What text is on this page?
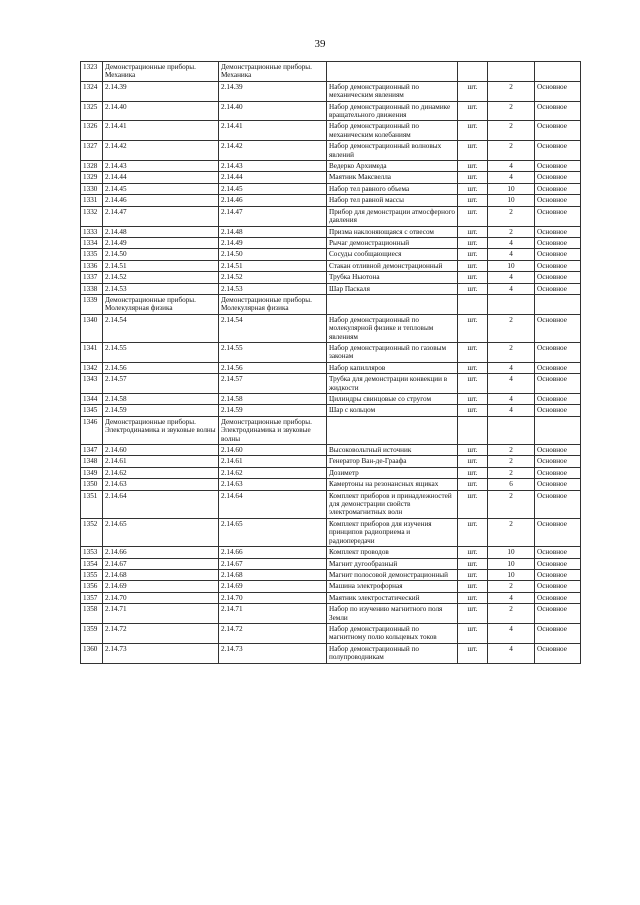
39
1323	Демонстрационные приборы. Механика	Демонстрационные приборы. Механика				
1324	2.14.39	2.14.39	Набор демонстрационный по механическим явлениям	шт.	2	Основное
1325	2.14.40	2.14.40	Набор демонстрационный по динамике вращательного движения	шт.	2	Основное
1326	2.14.41	2.14.41	Набор демонстрационный по механическим колебаниям	шт.	2	Основное
1327	2.14.42	2.14.42	Набор демонстрационный волновых явлений	шт.	2	Основное
1328	2.14.43	2.14.43	Ведерко Архимеда	шт.	4	Основное
1329	2.14.44	2.14.44	Маятник Максвелла	шт.	4	Основное
1330	2.14.45	2.14.45	Набор тел равного объема	шт.	10	Основное
1331	2.14.46	2.14.46	Набор тел равной массы	шт.	10	Основное
1332	2.14.47	2.14.47	Прибор для демонстрации атмосферного давления	шт.	2	Основное
1333	2.14.48	2.14.48	Призма наклоняющаяся с отвесом	шт.	2	Основное
1334	2.14.49	2.14.49	Рычаг демонстрационный	шт.	4	Основное
1335	2.14.50	2.14.50	Сосуды сообщающиеся	шт.	4	Основное
1336	2.14.51	2.14.51	Стакан отливной демонстрационный	шт.	10	Основное
1337	2.14.52	2.14.52	Трубка Ньютона	шт.	4	Основное
1338	2.14.53	2.14.53	Шар Паскаля	шт.	4	Основное
1339	Демонстрационные приборы. Молекулярная физика	Демонстрационные приборы. Молекулярная физика				
1340	2.14.54	2.14.54	Набор демонстрационный по молекулярной физике и тепловым явлениям	шт.	2	Основное
1341	2.14.55	2.14.55	Набор демонстрационный по газовым законам	шт.	2	Основное
1342	2.14.56	2.14.56	Набор капилляров	шт.	4	Основное
1343	2.14.57	2.14.57	Трубка для демонстрации конвекции в жидкости	шт.	4	Основное
1344	2.14.58	2.14.58	Цилиндры свинцовые со стругом	шт.	4	Основное
1345	2.14.59	2.14.59	Шар с кольцом	шт.	4	Основное
1346	Демонстрационные приборы. Электродинамика и звуковые волны	Демонстрационные приборы. Электродинамика и звуковые волны				
1347	2.14.60	2.14.60	Высоковольтный источник	шт.	2	Основное
1348	2.14.61	2.14.61	Генератор Ван-де-Граафа	шт.	2	Основное
1349	2.14.62	2.14.62	Дозиметр	шт.	2	Основное
1350	2.14.63	2.14.63	Камертоны на резонансных ящиках	шт.	6	Основное
1351	2.14.64	2.14.64	Комплект приборов и принадлежностей для демонстрации свойств электромагнитных волн	шт.	2	Основное
1352	2.14.65	2.14.65	Комплект приборов для изучения принципов радиоприема и радиопередачи	шт.	2	Основное
1353	2.14.66	2.14.66	Комплект проводов	шт.	10	Основное
1354	2.14.67	2.14.67	Магнит дугообразный	шт.	10	Основное
1355	2.14.68	2.14.68	Магнит полосовой демонстрационный	шт.	10	Основное
1356	2.14.69	2.14.69	Машина электрофорная	шт.	2	Основное
1357	2.14.70	2.14.70	Маятник электростатический	шт.	4	Основное
1358	2.14.71	2.14.71	Набор по изучению магнитного поля Земли	шт.	2	Основное
1359	2.14.72	2.14.72	Набор демонстрационный по магнитному полю кольцевых токов	шт.	4	Основное
1360	2.14.73	2.14.73	Набор демонстрационный по полупроводникам	шт.	4	Основное
